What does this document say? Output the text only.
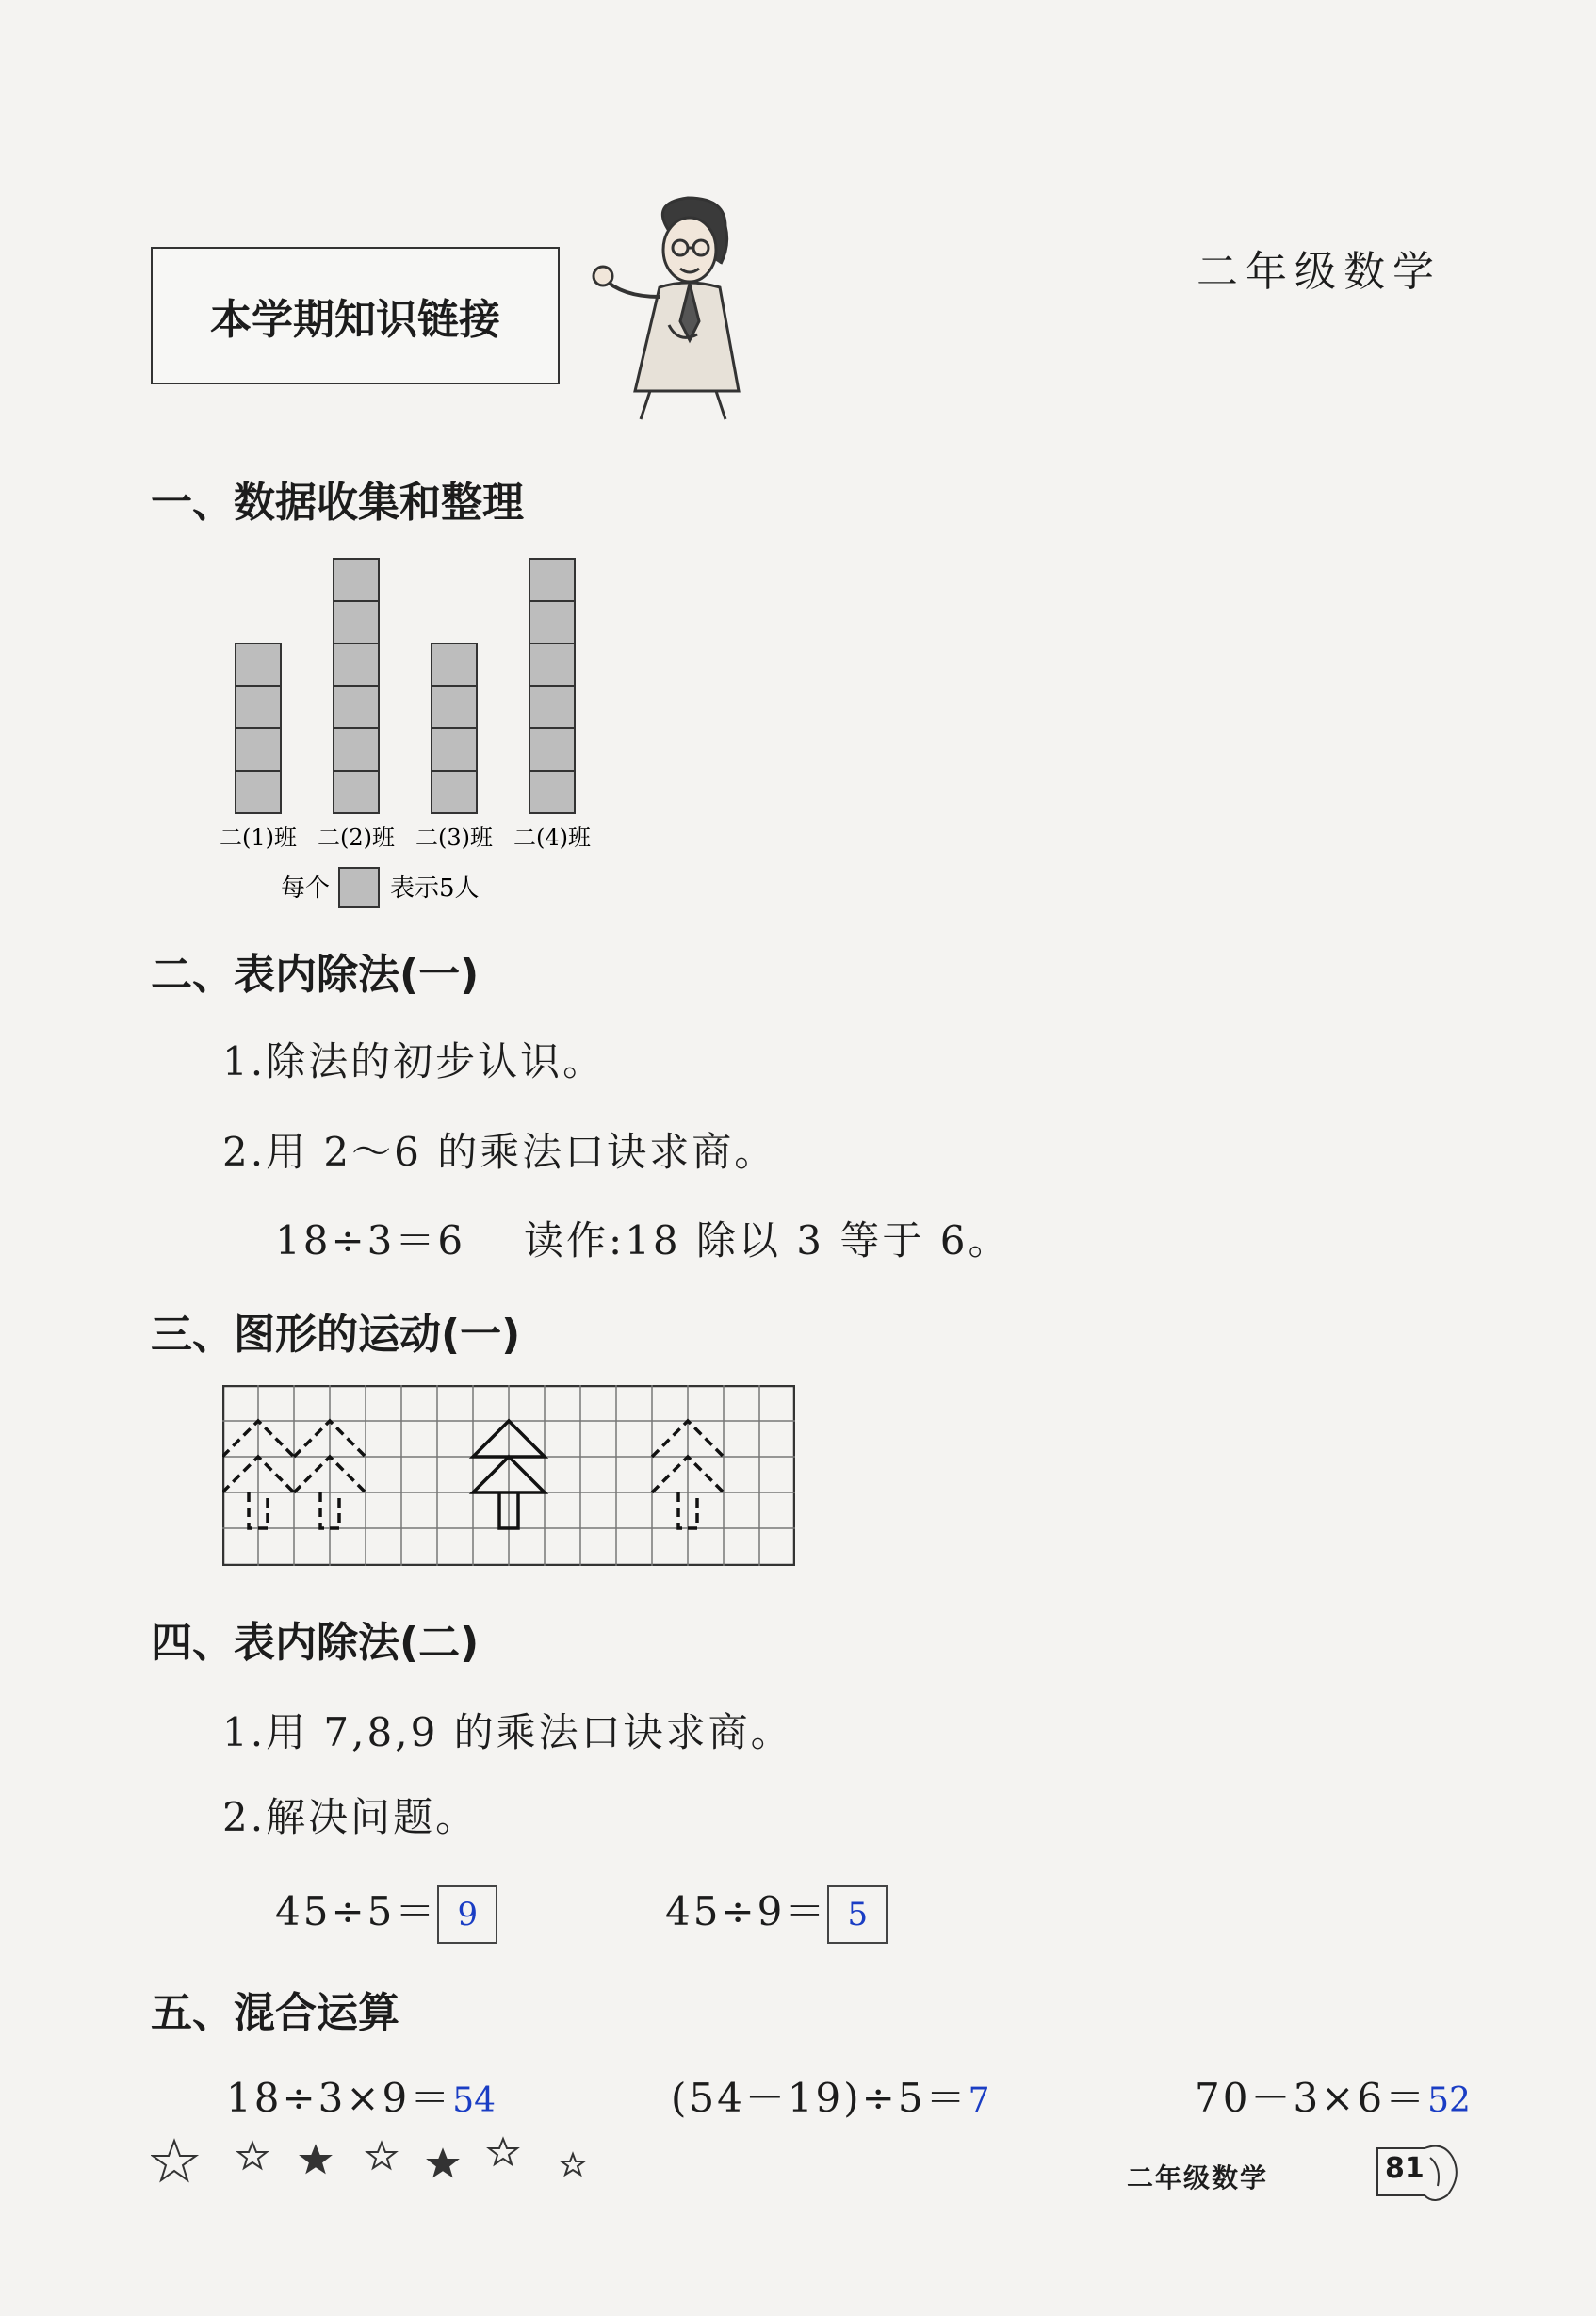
二年级数学
本学期知识链接
一、数据收集和整理
二(1)班 二(2)班 二(3)班 二(4)班
每个 表示5人
二、表内除法(一)
1.除法的初步认识。
2.用 2～6 的乘法口诀求商。
18÷3＝6 读作:18 除以 3 等于 6。
三、图形的运动(一)
四、表内除法(二)
1.用 7,8,9 的乘法口诀求商。
2.解决问题。
45÷5＝ 9	45÷9＝ 5
五、混合运算
18÷3×9＝54	(54－19)÷5＝7	70－3×6＝52
二年级数学	81
